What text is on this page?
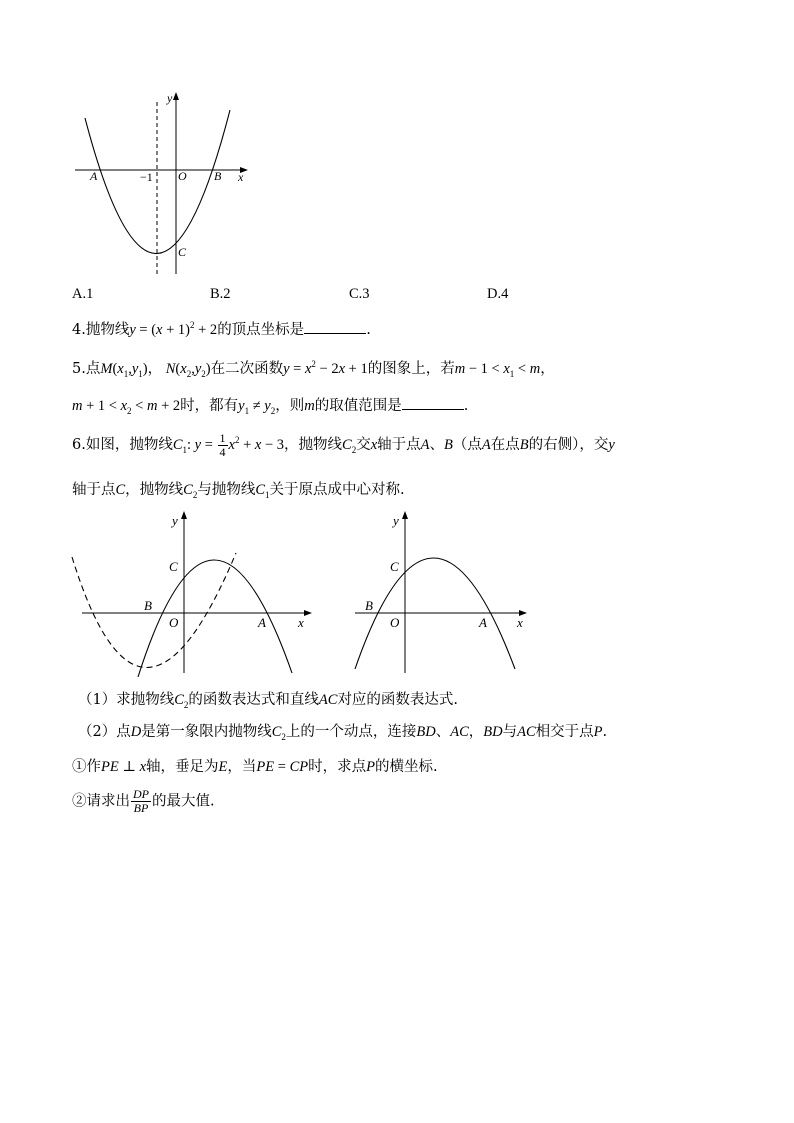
y
x
O
A	B
C
−1
A.1	B.2	C.3	D.4
4.抛物线$y = (x + 1)^2 + 2$的顶点坐标是	.
5.点$M(x_1,y_1)$， $N(x_2,y_2)$在二次函数$y = x^2 - 2x + 1$的图象上，若$m - 1 < x_1 < m$，
$m + 1 < x_2 < m + 2$时，都有$y_1 \ne y_2$，则m的取值范围是	.
6.如图，抛物线$C_1$: $y = \frac{1}{4} x^2 + x - 3$，抛物线$C_2$交x轴于点A、B（点A在点B的右侧），交y
轴于点C，抛物线$C_2$与抛物线$C_1$关于原点成中心对称.
y
x
O
C
B
A
y
x
O
C
B
A
（1）求抛物线$C_2$的函数表达式和直线AC对应的函数表达式.
（2）点D是第一象限内抛物线$C_2$上的一个动点，连接BD、AC，BD与AC相交于点P.
①作PE ⊥ x轴，垂足为E，当PE = CP时，求点P的横坐标.
②请求出 $\frac{DP}{BP}$ 的最大值.
